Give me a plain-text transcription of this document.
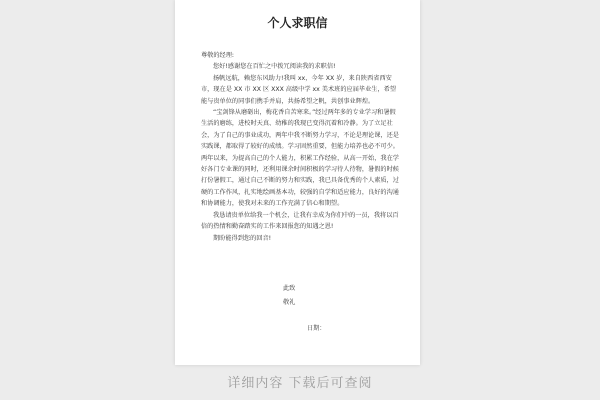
个人求职信

尊敬的经理:

您好!感谢您在百忙之中拨冗阅读我的求职信!

扬帆远航，赖您东风助力!我叫 xx，今年 XX 岁，来自陕西省西安市，现在是 XX 市 XX 区 XXX 高级中学 xx 美术班的应届毕业生，希望能与贵单位的同事们携手并肩，共扬希望之帆，共创事业辉煌。

“宝剑锋从磨砺出，梅花香自苦寒来。”经过两年多的专业学习和暑假生活的磨练，进校时天真、幼稚的我现已变得沉着和冷静。为了立足社会，为了自己的事业成功，两年中我不断努力学习，不论是理论课，还是实践课，都取得了较好的成绩。学习固然重要，但能力培养也必不可少。两年以来，为提高自己的个人能力，积累工作经验，从高一开始，我在学好各门专业课的同时，还利用课余时间积极的学习待人待物，暑假的时候打份暑假工，通过自己不断的努力和实践，我已具备优秀的个人素质，过硬的工作作风，扎实地绘画基本功，较强的自学和适应能力，良好的沟通和协调能力，使我对未来的工作充满了信心和期望。

我恳请贵单位给我一个机会，让我有幸成为你们中的一员，我将以百倍的热情和勤奋踏实的工作来回报您的知遇之恩!

期盼能得到您的回音!

此致
敬礼
日期：
详细内容 下载后可查阅
